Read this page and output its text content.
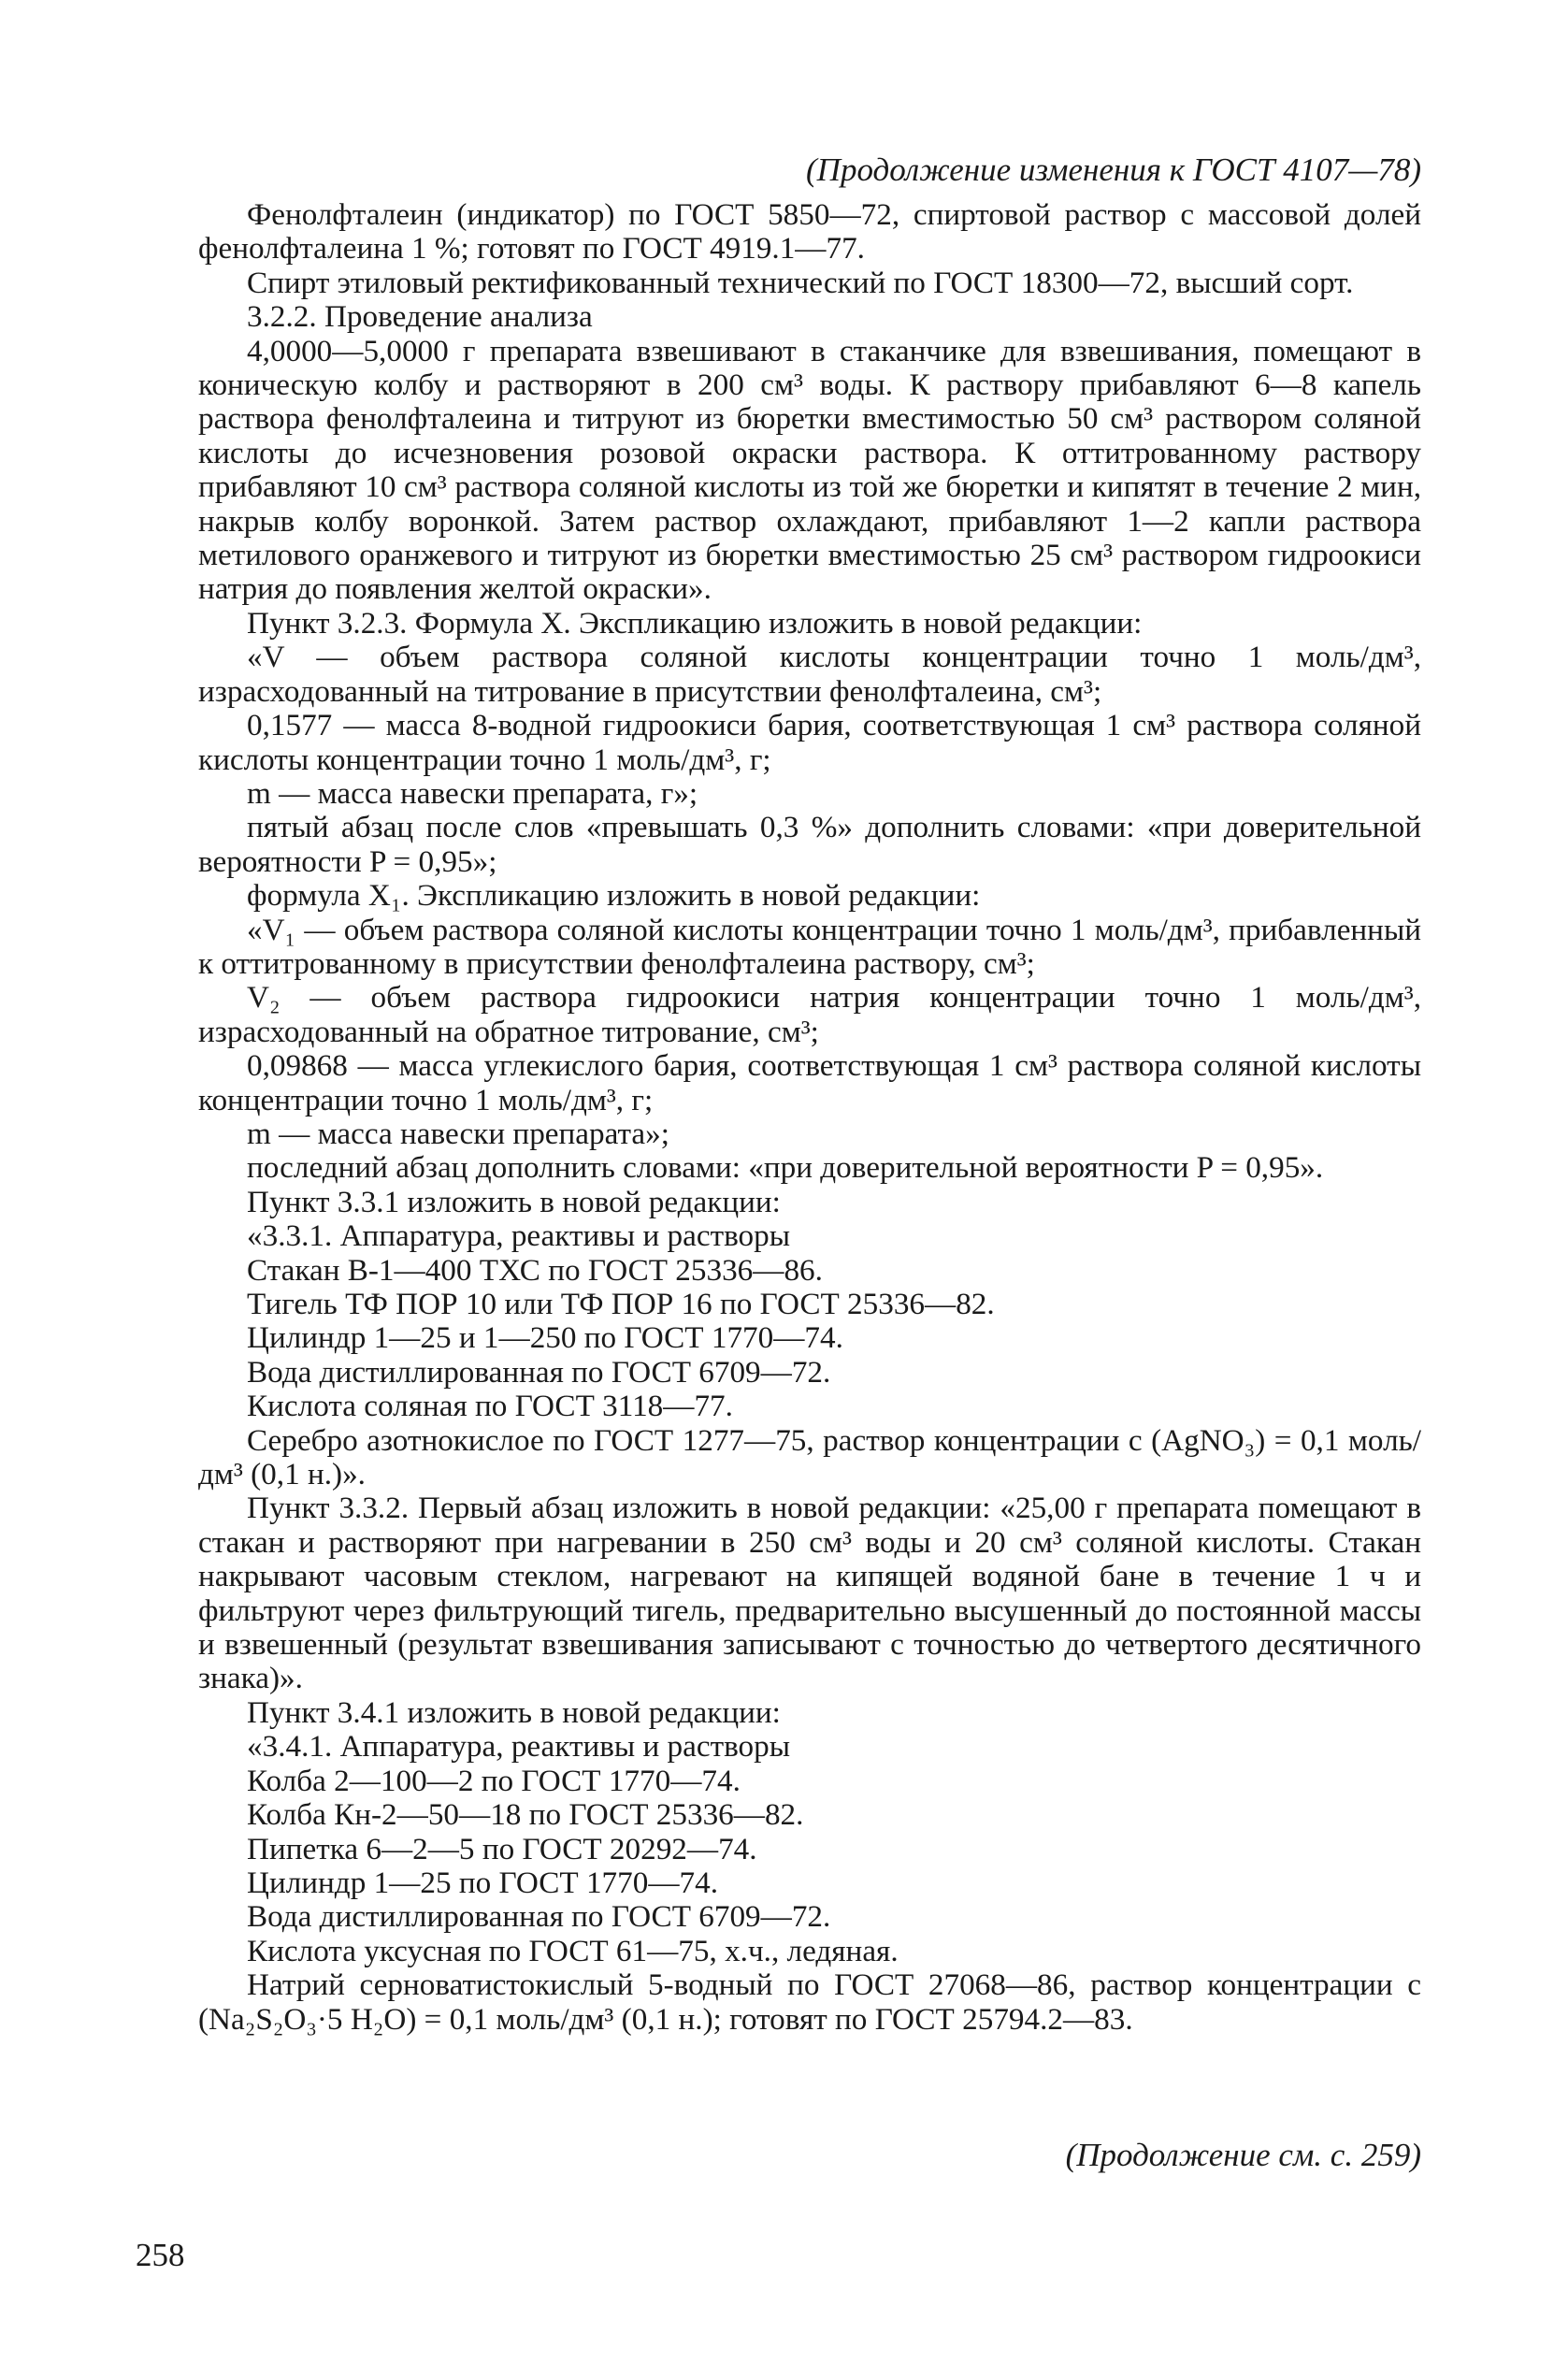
(Продолжение изменения к ГОСТ 4107—78)

Фенолфталеин (индикатор) по ГОСТ 5850—72, спиртовой раствор с массовой долей фенолфталеина 1 %; готовят по ГОСТ 4919.1—77.

Спирт этиловый ректификованный технический по ГОСТ 18300—72, высший сорт.

3.2.2. Проведение анализа

4,0000—5,0000 г препарата взвешивают в стаканчике для взвешивания, помещают в коническую колбу и растворяют в 200 см³ воды. К раствору прибавляют 6—8 капель раствора фенолфталеина и титруют из бюретки вместимостью 50 см³ раствором соляной кислоты до исчезновения розовой окраски раствора. К оттитрованному раствору прибавляют 10 см³ раствора соляной кислоты из той же бюретки и кипятят в течение 2 мин, накрыв колбу воронкой. Затем раствор охлаждают, прибавляют 1—2 капли раствора метилового оранжевого и титруют из бюретки вместимостью 25 см³ раствором гидроокиси натрия до появления желтой окраски».

Пункт 3.2.3. Формула X. Экспликацию изложить в новой редакции:

«V — объем раствора соляной кислоты концентрации точно 1 моль/дм³, израсходованный на титрование в присутствии фенолфталеина, см³;

0,1577 — масса 8-водной гидроокиси бария, соответствующая 1 см³ раствора соляной кислоты концентрации точно 1 моль/дм³, г;

m — масса навески препарата, г»;

пятый абзац после слов «превышать 0,3 %» дополнить словами: «при доверительной вероятности P = 0,95»;

формула X₁. Экспликацию изложить в новой редакции:

«V₁ — объем раствора соляной кислоты концентрации точно 1 моль/дм³, прибавленный к оттитрованному в присутствии фенолфталеина раствору, см³;

V₂ — объем раствора гидроокиси натрия концентрации точно 1 моль/дм³, израсходованный на обратное титрование, см³;

0,09868 — масса углекислого бария, соответствующая 1 см³ раствора соляной кислоты концентрации точно 1 моль/дм³, г;

m — масса навески препарата»;

последний абзац дополнить словами: «при доверительной вероятности P = 0,95».

Пункт 3.3.1 изложить в новой редакции:

«3.3.1. Аппаратура, реактивы и растворы

Стакан В-1—400 ТХС по ГОСТ 25336—86.

Тигель ТФ ПОР 10 или ТФ ПОР 16 по ГОСТ 25336—82.

Цилиндр 1—25 и 1—250 по ГОСТ 1770—74.

Вода дистиллированная по ГОСТ 6709—72.

Кислота соляная по ГОСТ 3118—77.

Серебро азотнокислое по ГОСТ 1277—75, раствор концентрации c (AgNO₃) = 0,1 моль/дм³ (0,1 н.)».

Пункт 3.3.2. Первый абзац изложить в новой редакции: «25,00 г препарата помещают в стакан и растворяют при нагревании в 250 см³ воды и 20 см³ соляной кислоты. Стакан накрывают часовым стеклом, нагревают на кипящей водяной бане в течение 1 ч и фильтруют через фильтрующий тигель, предварительно высушенный до постоянной массы и взвешенный (результат взвешивания записывают с точностью до четвертого десятичного знака)».

Пункт 3.4.1 изложить в новой редакции:

«3.4.1. Аппаратура, реактивы и растворы

Колба 2—100—2 по ГОСТ 1770—74.

Колба Кн-2—50—18 по ГОСТ 25336—82.

Пипетка 6—2—5 по ГОСТ 20292—74.

Цилиндр 1—25 по ГОСТ 1770—74.

Вода дистиллированная по ГОСТ 6709—72.

Кислота уксусная по ГОСТ 61—75, х.ч., ледяная.

Натрий серноватистокислый 5-водный по ГОСТ 27068—86, раствор концентрации c (Na₂S₂O₃·5 H₂O) = 0,1 моль/дм³ (0,1 н.); готовят по ГОСТ 25794.2—83.

(Продолжение см. с. 259)
258
